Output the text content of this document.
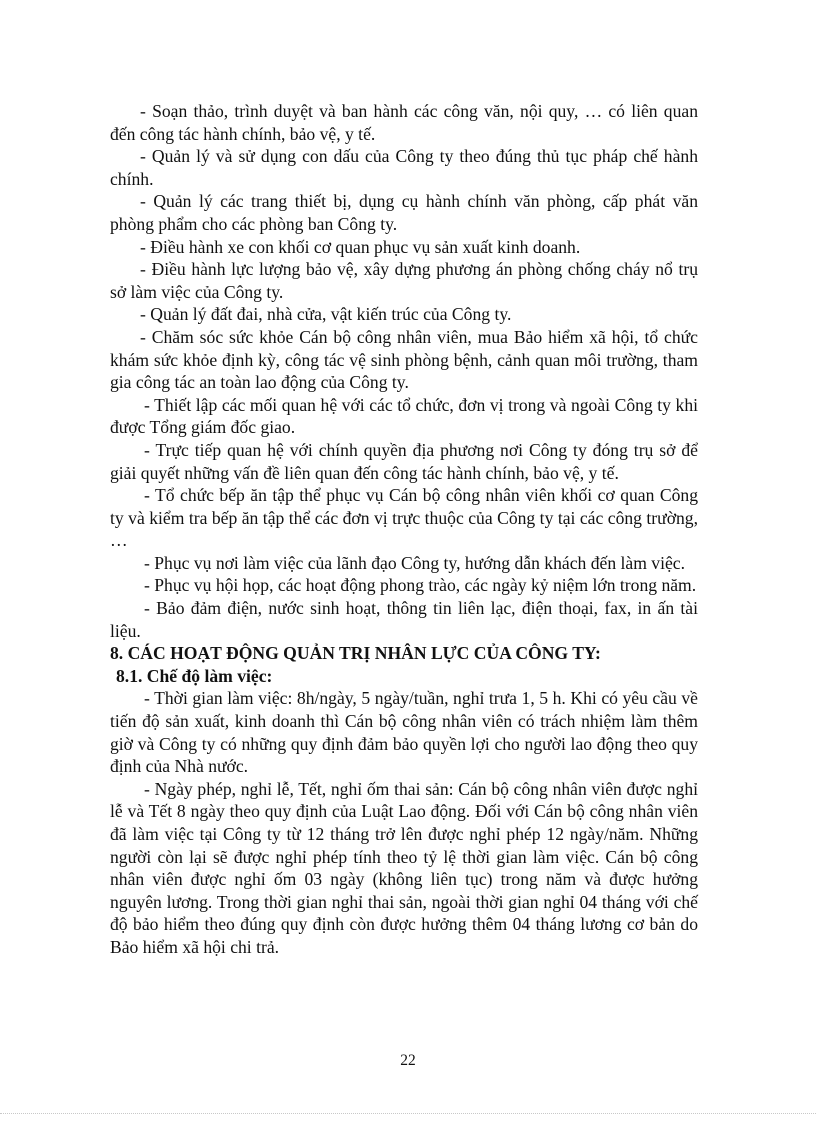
- Soạn thảo, trình duyệt và ban hành các công văn, nội quy, … có liên quan đến công tác hành chính, bảo vệ, y tế.

- Quản lý và sử dụng con dấu của Công ty theo đúng thủ tục pháp chế hành chính.

- Quản lý các trang thiết bị, dụng cụ hành chính văn phòng, cấp phát văn phòng phẩm cho các phòng ban Công ty.

- Điều hành xe con khối cơ quan phục vụ sản xuất kinh doanh.

- Điều hành lực lượng bảo vệ, xây dựng phương án phòng chống cháy nổ trụ sở làm việc của Công ty.

- Quản lý đất đai, nhà cửa, vật kiến trúc của Công ty.

- Chăm sóc sức khỏe Cán bộ công nhân viên, mua Bảo hiểm xã hội, tổ chức khám sức khỏe định kỳ, công tác vệ sinh phòng bệnh, cảnh quan môi trường, tham gia công tác an toàn lao động của Công ty.

- Thiết lập các mối quan hệ với các tổ chức, đơn vị trong và ngoài Công ty khi được Tổng giám đốc giao.

- Trực tiếp quan hệ với chính quyền địa phương nơi Công ty đóng trụ sở để giải quyết những vấn đề liên quan đến công tác hành chính, bảo vệ, y tế.

- Tổ chức bếp ăn tập thể phục vụ Cán bộ công nhân viên khối cơ quan Công ty và kiểm tra bếp ăn tập thể các đơn vị trực thuộc của Công ty tại các công trường, …

- Phục vụ nơi làm việc của lãnh đạo Công ty, hướng dẫn khách đến làm việc.

- Phục vụ hội họp, các hoạt động phong trào, các ngày kỷ niệm lớn trong năm.

- Bảo đảm điện, nước sinh hoạt, thông tin liên lạc, điện thoại, fax, in ấn tài liệu.

8. CÁC HOẠT ĐỘNG QUẢN TRỊ NHÂN LỰC CỦA CÔNG TY:

8.1. Chế độ làm việc:

- Thời gian làm việc: 8h/ngày, 5 ngày/tuần, nghỉ trưa 1, 5 h. Khi có yêu cầu về tiến độ sản xuất, kinh doanh thì Cán bộ công nhân viên có trách nhiệm làm thêm giờ và Công ty có những quy định đảm bảo quyền lợi cho người lao động theo quy định của Nhà nước.

- Ngày phép, nghỉ lễ, Tết, nghỉ ốm thai sản: Cán bộ công nhân viên được nghỉ lễ và Tết 8 ngày theo quy định của Luật Lao động. Đối với Cán bộ công nhân viên đã làm việc tại Công ty từ 12 tháng trở lên được nghỉ phép 12 ngày/năm. Những người còn lại sẽ được nghỉ phép tính theo tỷ lệ thời gian làm việc. Cán bộ công nhân viên được nghỉ ốm 03 ngày (không liên tục) trong năm và được hưởng nguyên lương. Trong thời gian nghỉ thai sản, ngoài thời gian nghỉ 04 tháng với chế độ bảo hiểm theo đúng quy định còn được hưởng thêm 04 tháng lương cơ bản do Bảo hiểm xã hội chi trả.

22
